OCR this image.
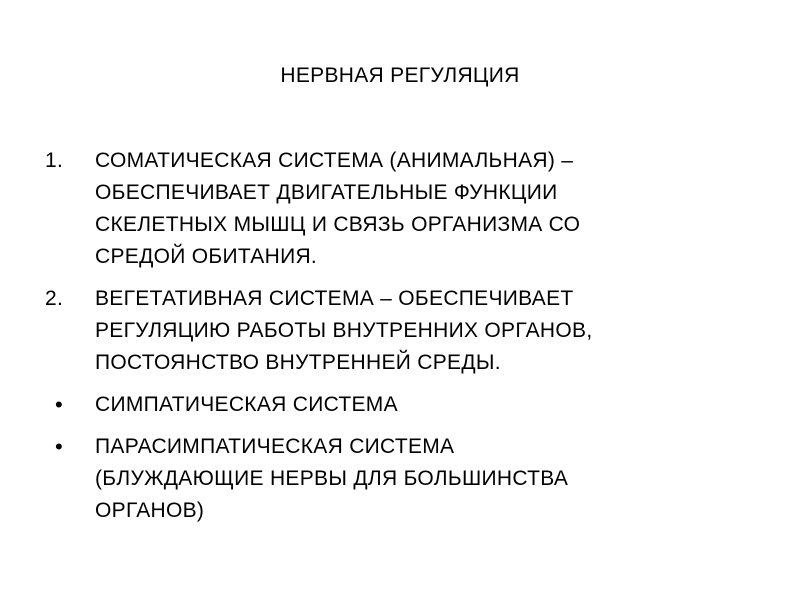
НЕРВНАЯ РЕГУЛЯЦИЯ
1.	СОМАТИЧЕСКАЯ СИСТЕМА (АНИМАЛЬНАЯ) –
ОБЕСПЕЧИВАЕТ ДВИГАТЕЛЬНЫЕ ФУНКЦИИ
СКЕЛЕТНЫХ МЫШЦ И СВЯЗЬ ОРГАНИЗМА СО
СРЕДОЙ ОБИТАНИЯ.
2.	ВЕГЕТАТИВНАЯ СИСТЕМА – ОБЕСПЕЧИВАЕТ
РЕГУЛЯЦИЮ РАБОТЫ ВНУТРЕННИХ ОРГАНОВ,
ПОСТОЯНСТВО ВНУТРЕННЕЙ СРЕДЫ.
•	СИМПАТИЧЕСКАЯ СИСТЕМА
•	ПАРАСИМПАТИЧЕСКАЯ СИСТЕМА
(БЛУЖДАЮЩИЕ НЕРВЫ ДЛЯ БОЛЬШИНСТВА
ОРГАНОВ)
